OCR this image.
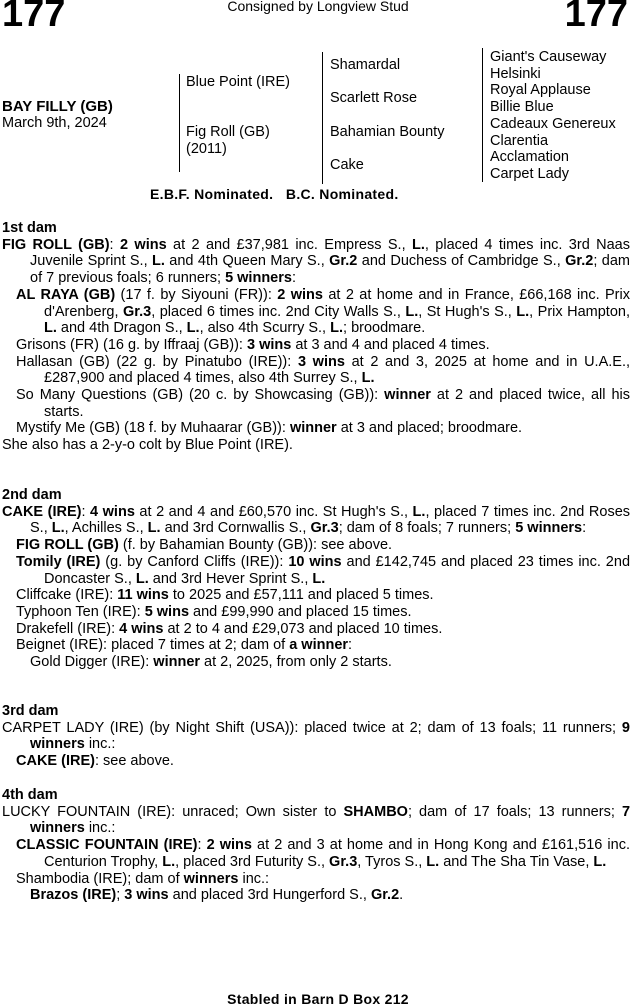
177	177
Consigned by Longview Stud
BAY FILLY (GB)
March 9th, 2024
Blue Point (IRE)
Fig Roll (GB)
(2011)
Shamardal
Scarlett Rose
Bahamian Bounty
Cake
Giant's Causeway
Helsinki
Royal Applause
Billie Blue
Cadeaux Genereux
Clarentia
Acclamation
Carpet Lady
E.B.F. Nominated.   B.C. Nominated.
1st dam
FIG ROLL (GB): 2 wins at 2 and £37,981 inc. Empress S., L., placed 4 times inc. 3rd Naas Juvenile Sprint S., L. and 4th Queen Mary S., Gr.2 and Duchess of Cambridge S., Gr.2; dam of 7 previous foals; 6 runners; 5 winners:
AL RAYA (GB) (17 f. by Siyouni (FR)): 2 wins at 2 at home and in France, £66,168 inc. Prix d'Arenberg, Gr.3, placed 6 times inc. 2nd City Walls S., L., St Hugh's S., L., Prix Hampton, L. and 4th Dragon S., L., also 4th Scurry S., L.; broodmare.
Grisons (FR) (16 g. by Iffraaj (GB)): 3 wins at 3 and 4 and placed 4 times.
Hallasan (GB) (22 g. by Pinatubo (IRE)): 3 wins at 2 and 3, 2025 at home and in U.A.E., £287,900 and placed 4 times, also 4th Surrey S., L.
So Many Questions (GB) (20 c. by Showcasing (GB)): winner at 2 and placed twice, all his starts.
Mystify Me (GB) (18 f. by Muhaarar (GB)): winner at 3 and placed; broodmare.
She also has a 2-y-o colt by Blue Point (IRE).
2nd dam
CAKE (IRE): 4 wins at 2 and 4 and £60,570 inc. St Hugh's S., L., placed 7 times inc. 2nd Roses S., L., Achilles S., L. and 3rd Cornwallis S., Gr.3; dam of 8 foals; 7 runners; 5 winners:
FIG ROLL (GB) (f. by Bahamian Bounty (GB)): see above.
Tomily (IRE) (g. by Canford Cliffs (IRE)): 10 wins and £142,745 and placed 23 times inc. 2nd Doncaster S., L. and 3rd Hever Sprint S., L.
Cliffcake (IRE): 11 wins to 2025 and £57,111 and placed 5 times.
Typhoon Ten (IRE): 5 wins and £99,990 and placed 15 times.
Drakefell (IRE): 4 wins at 2 to 4 and £29,073 and placed 10 times.
Beignet (IRE): placed 7 times at 2; dam of a winner:
Gold Digger (IRE): winner at 2, 2025, from only 2 starts.
3rd dam
CARPET LADY (IRE) (by Night Shift (USA)): placed twice at 2; dam of 13 foals; 11 runners; 9 winners inc.:
CAKE (IRE): see above.
4th dam
LUCKY FOUNTAIN (IRE): unraced; Own sister to SHAMBO; dam of 17 foals; 13 runners; 7 winners inc.:
CLASSIC FOUNTAIN (IRE): 2 wins at 2 and 3 at home and in Hong Kong and £161,516 inc. Centurion Trophy, L., placed 3rd Futurity S., Gr.3, Tyros S., L. and The Sha Tin Vase, L.
Shambodia (IRE); dam of winners inc.:
Brazos (IRE); 3 wins and placed 3rd Hungerford S., Gr.2.
Stabled in Barn D Box 212
